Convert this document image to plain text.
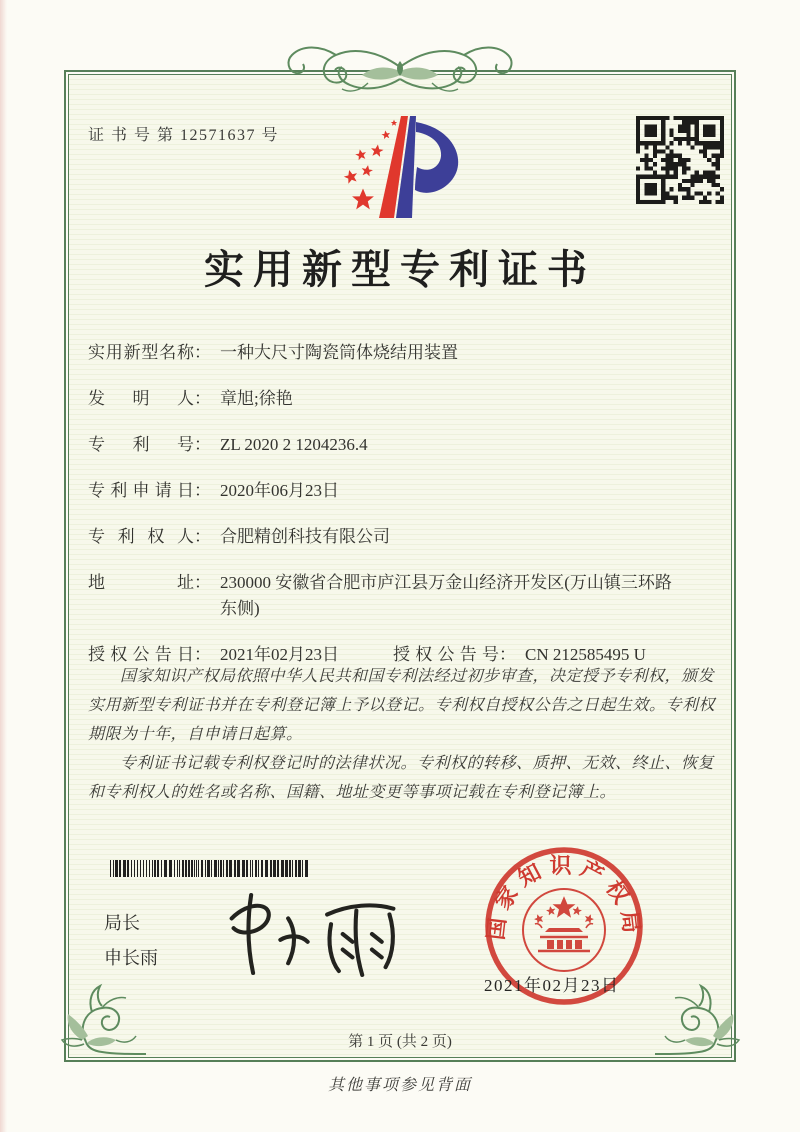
证 书 号 第 12571637 号
实用新型专利证书
实用新型名称 ： 一种大尺寸陶瓷筒体烧结用装置
发明人 ： 章旭;徐艳
专利号 ： ZL 2020 2 1204236.4
专利申请日 ： 2020年06月23日
专利权人 ： 合肥精创科技有限公司
地址 ： 230000 安徽省合肥市庐江县万金山经济开发区(万山镇三环路东侧)
授权公告日 ： 2021年02月23日	授权公告号 ： CN 212585495 U

国家知识产权局依照中华人民共和国专利法经过初步审查，决定授予专利权，颁发实用新型专利证书并在专利登记簿上予以登记。专利权自授权公告之日起生效。专利权期限为十年，自申请日起算。

专利证书记载专利权登记时的法律状况。专利权的转移、质押、无效、终止、恢复和专利权人的姓名或名称、国籍、地址变更等事项记载在专利登记簿上。

局长
申长雨
国家知识产权局
2021年02月23日
第 1 页 (共 2 页)
其他事项参见背面
